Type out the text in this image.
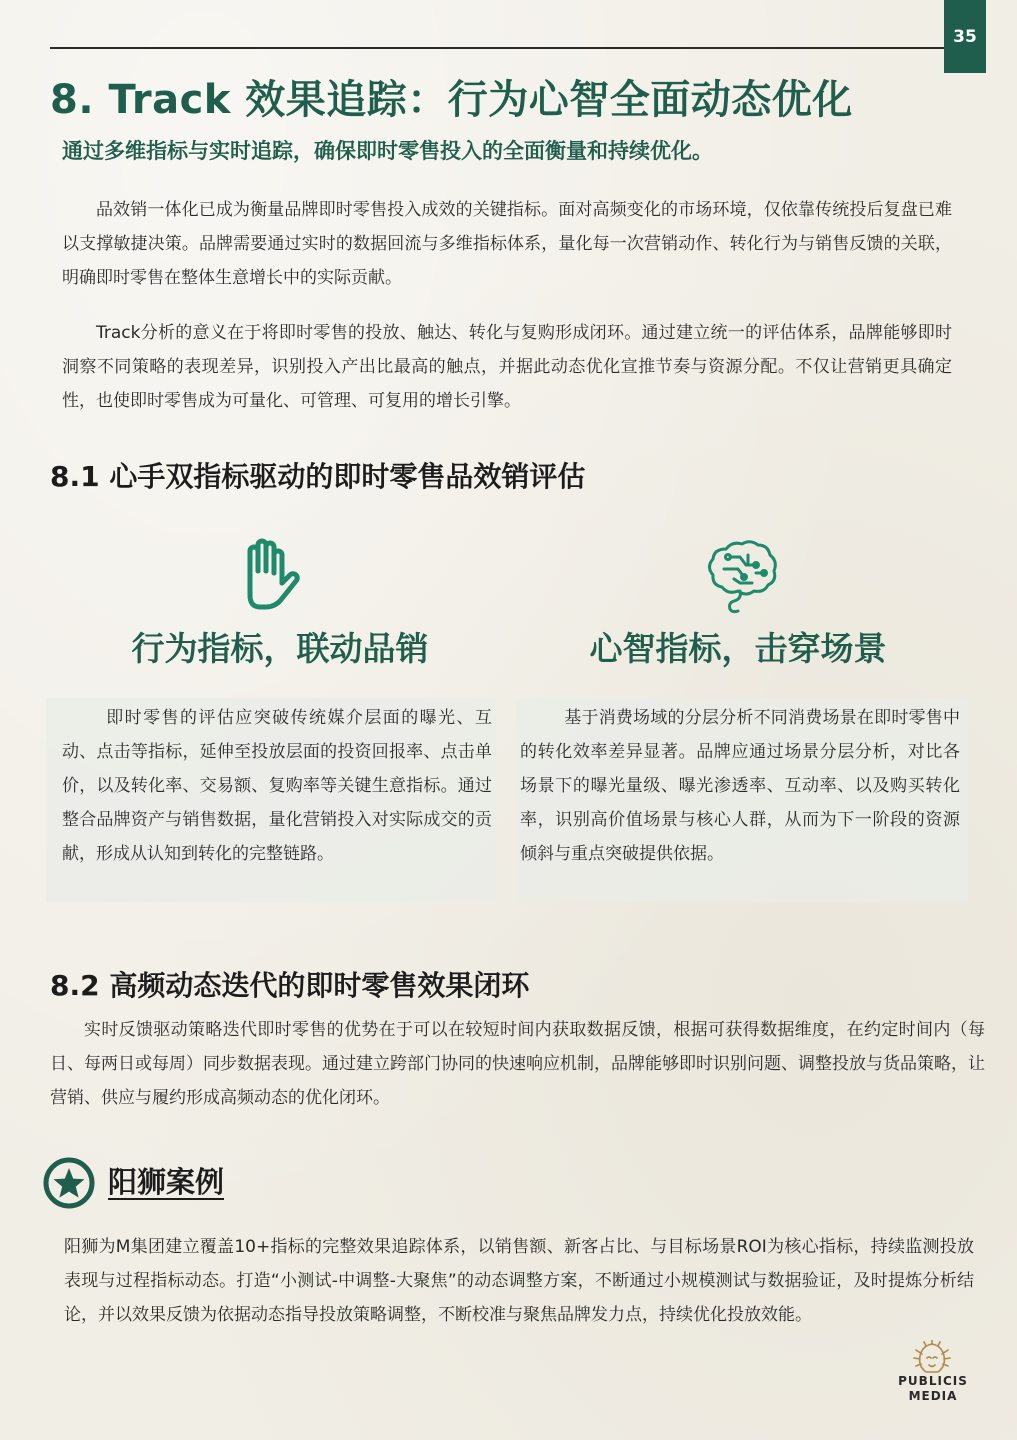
35
8. Track 效果追踪：行为心智全面动态优化

通过多维指标与实时追踪，确保即时零售投入的全面衡量和持续优化。

品效销一体化已成为衡量品牌即时零售投入成效的关键指标。面对高频变化的市场环境，仅依靠传统投后复盘已难以支撑敏捷决策。品牌需要通过实时的数据回流与多维指标体系，量化每一次营销动作、转化行为与销售反馈的关联，明确即时零售在整体生意增长中的实际贡献。

Track分析的意义在于将即时零售的投放、触达、转化与复购形成闭环。通过建立统一的评估体系，品牌能够即时洞察不同策略的表现差异，识别投入产出比最高的触点，并据此动态优化宣推节奏与资源分配。不仅让营销更具确定性，也使即时零售成为可量化、可管理、可复用的增长引擎。

8.1 心手双指标驱动的即时零售品效销评估
行为指标，联动品销	心智指标，击穿场景

即时零售的评估应突破传统媒介层面的曝光、互动、点击等指标，延伸至投放层面的投资回报率、点击单价，以及转化率、交易额、复购率等关键生意指标。通过整合品牌资产与销售数据，量化营销投入对实际成交的贡献，形成从认知到转化的完整链路。

基于消费场域的分层分析不同消费场景在即时零售中的转化效率差异显著。品牌应通过场景分层分析，对比各场景下的曝光量级、曝光渗透率、互动率、以及购买转化率，识别高价值场景与核心人群，从而为下一阶段的资源倾斜与重点突破提供依据。

8.2 高频动态迭代的即时零售效果闭环

实时反馈驱动策略迭代即时零售的优势在于可以在较短时间内获取数据反馈，根据可获得数据维度，在约定时间内（每日、每两日或每周）同步数据表现。通过建立跨部门协同的快速响应机制，品牌能够即时识别问题、调整投放与货品策略，让营销、供应与履约形成高频动态的优化闭环。

阳狮案例

阳狮为M集团建立覆盖10+指标的完整效果追踪体系，以销售额、新客占比、与目标场景ROI为核心指标，持续监测投放表现与过程指标动态。打造“小测试-中调整-大聚焦”的动态调整方案，不断通过小规模测试与数据验证，及时提炼分析结论，并以效果反馈为依据动态指导投放策略调整，不断校准与聚焦品牌发力点，持续优化投放效能。

PUBLICIS
MEDIA
